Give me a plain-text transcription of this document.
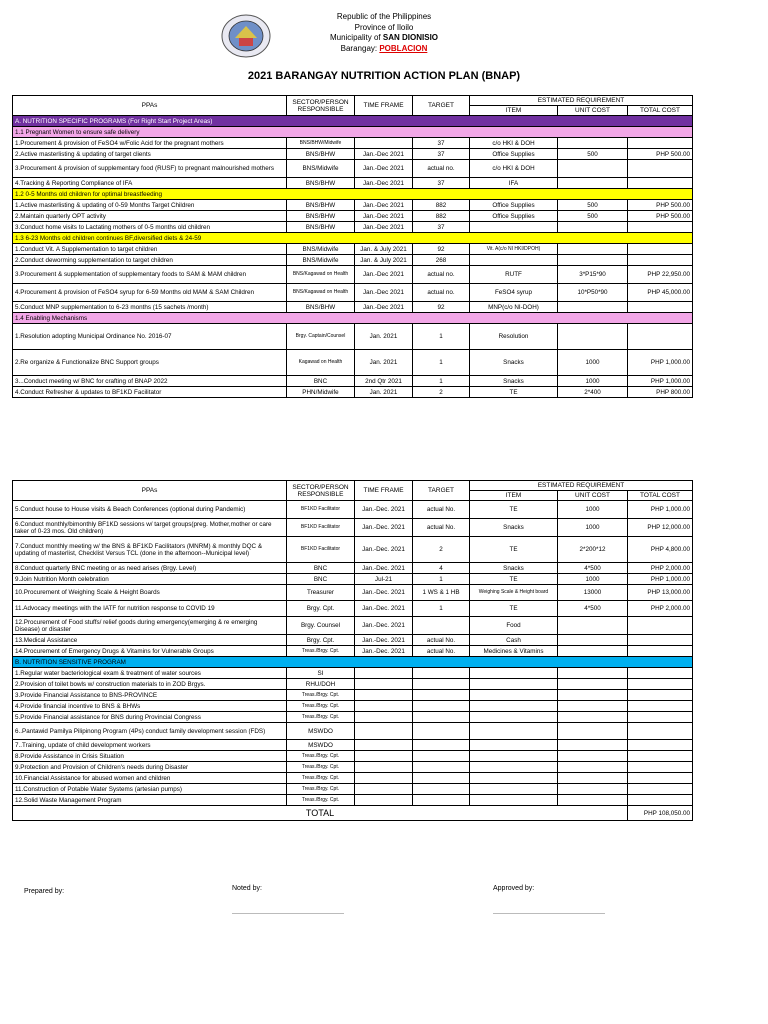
Republic of the Philippines
Province of Iloilo
Municipality of SAN DIONISIO
Barangay: POBLACION
2021 BARANGAY NUTRITION ACTION PLAN (BNAP)
PPAs	SECTOR/PERSON RESPONSIBLE	TIME FRAME	TARGET	ESTIMATED REQUIREMENT		
				ITEM	UNIT COST	TOTAL COST
A. NUTRITION SPECIFIC PROGRAMS (For Right Start Project Areas)						
1.1 Pregnant Women to ensure safe delivery						
1.Procurement & provision of FeSO4 w/Folic Acid for the pregnant mothers	BNS/BHW/Midwife		37	c/o HKI & DOH		
2.Active masterlisting & updating of target clients	BNS/BHW	Jan.-Dec 2021	37	Office Supplies	500	PHP 500.00
3.Procurement & provision of supplementary food (RUSF) to pregnant malnourished mothers	BNS/Midwife	Jan.-Dec 2021	actual no.	c/o HKI & DOH		
4.Tracking & Reporting Compliance of IFA	BNS/BHW	Jan.-Dec 2021	37	IFA		
1.2 0-5 Months old children for optimal breastfeeding						
1.Active masterlisting & updating of 0-59 Months Target Children	BNS/BHW	Jan.-Dec 2021	882	Office Supplies	500	PHP 500.00
2.Maintain quarterly OPT activity	BNS/BHW	Jan.-Dec 2021	882	Office Supplies	500	PHP 500.00
3.Conduct home visits to Lactating mothers of 0-5 months old children	BNS/BHW	Jan.-Dec 2021	37			
1.3 6-23 Months old children continues BF,diversified diets & 24-59						
1.Conduct Vit. A Supplementation to target children	BNS/Midwife	Jan. & July 2021	92	Vit. A(c/o NI HKI/DPOH)		
2.Conduct deworming supplementation to target children	BNS/Midwife	Jan. & July 2021	268			
3.Procurement & supplementation of supplementary foods to SAM & MAM children	BNS/Kagawad on Health	Jan.-Dec 2021	actual no.	RUTF	3*P15*90	PHP 22,950.00
4.Procurement & provision of FeSO4 syrup for 6-59 Months old MAM & SAM Children	BNS/Kagawad on Health	Jan.-Dec 2021	actual no.	FeSO4 syrup	10*P50*90	PHP 45,000.00
5.Conduct MNP supplementation to 6-23 months (15 sachets /month)	BNS/BHW	Jan.-Dec 2021	92	MNP(c/o NI-DOH)		
1.4 Enabling Mechanisms						
1.Resolution adopting Municipal Ordinance No. 2016-07	Brgy. Captain/Counsel	Jan. 2021	1	Resolution		
2.Re organize & Functionalize BNC Support groups	Kagawad on Health	Jan. 2021	1	Snacks	1000	PHP 1,000.00
3...Conduct meeting w/ BNC for crafting of BNAP 2022	BNC	2nd Qtr 2021	1	Snacks	1000	PHP 1,000.00
4.Conduct Refresher & updates to BF1KD Facilitator	PHN/Midwife	Jan. 2021	2	TE	2*400	PHP 800.00
PPAs	SECTOR/PERSON RESPONSIBLE	TIME FRAME	TARGET	ESTIMATED REQUIREMENT		
				ITEM	UNIT COST	TOTAL COST
5.Conduct house to House visits & Beach Conferences (optional during Pandemic)	BF1KD Facilitator	Jan.-Dec. 2021	actual No.	TE	1000	PHP 1,000.00
6.Conduct monthly/bimonthly BF1KD sessions w/ target groups(preg. Mother,mother or care taker of 0-23 mos. Old children)	BF1KD Facilitator	Jan.-Dec. 2021	actual No.	Snacks	1000	PHP 12,000.00
7.Conduct monthly meeting w/ the BNS & BF1KD Facilitators (MNRM) & monthly DQC & updating of masterlist, Checklist Versus TCL (done in the afternoon--Municipal level)	BF1KD Facilitator	Jan.-Dec. 2021	2	TE	2*200*12	PHP 4,800.00
8.Conduct quarterly BNC meeting or as need arises (Brgy. Level)	BNC	Jan.-Dec. 2021	4	Snacks	4*500	PHP 2,000.00
9.Join Nutrition Month celebration	BNC	Jul-21	1	TE	1000	PHP 1,000.00
10.Procurement of Weighing Scale & Height Boards	Treasurer	Jan.-Dec. 2021	1 WS & 1 HB	Weighing Scale & Height board	13000	PHP 13,000.00
11.Advocacy meetings with the IATF for nutrition response to COVID 19	Brgy. Cpt.	Jan.-Dec. 2021	1	TE	4*500	PHP 2,000.00
12.Procurement of Food stuffs/ relief goods during emergency(emerging & re emerging Disease) or disaster	Brgy. Counsel	Jan.-Dec. 2021		Food		
13.Medical Assistance	Brgy. Cpt.	Jan.-Dec. 2021	actual No.	Cash		
14.Procurement of Emergency Drugs & Vitamins for Vulnerable Groups	Treas./Brgy. Cpt.	Jan.-Dec. 2021	actual No.	Medicines & Vitamins		
B. NUTRITION SENSITIVE PROGRAM						
1.Regular water bacteriological exam & treatment of water sources	SI					
2.Provision of toilet bowls w/ construction materials to in ZOD Brgys.	RHU/DOH					
3.Provide Financial Assistance to BNS-PROVINCE	Treas./Brgy. Cpt.					
4.Provide financial incentive to BNS & BHWs	Treas./Brgy. Cpt.					
5.Provide Financial assistance for BNS during Provincial Congress	Treas./Brgy. Cpt.					
6..Pantawid Pamilya Pilipinong Program (4Ps) conduct family development session (FDS)	MSWDO					
7..Training, update of child development workers	MSWDO					
8.Provide Assistance in Crisis Situation	Treas./Brgy. Cpt.					
9.Protection and Provision of Children's needs during Disaster	Treas./Brgy. Cpt.					
10.Financial Assistance for abused women and children	Treas./Brgy. Cpt.					
11.Construction of Potable Water Systems (artesian pumps)	Treas./Brgy. Cpt.					
12.Solid Waste Management Program	Treas./Brgy. Cpt.					
TOTAL						PHP 108,050.00
Prepared by:	Noted by:	Approved by:
